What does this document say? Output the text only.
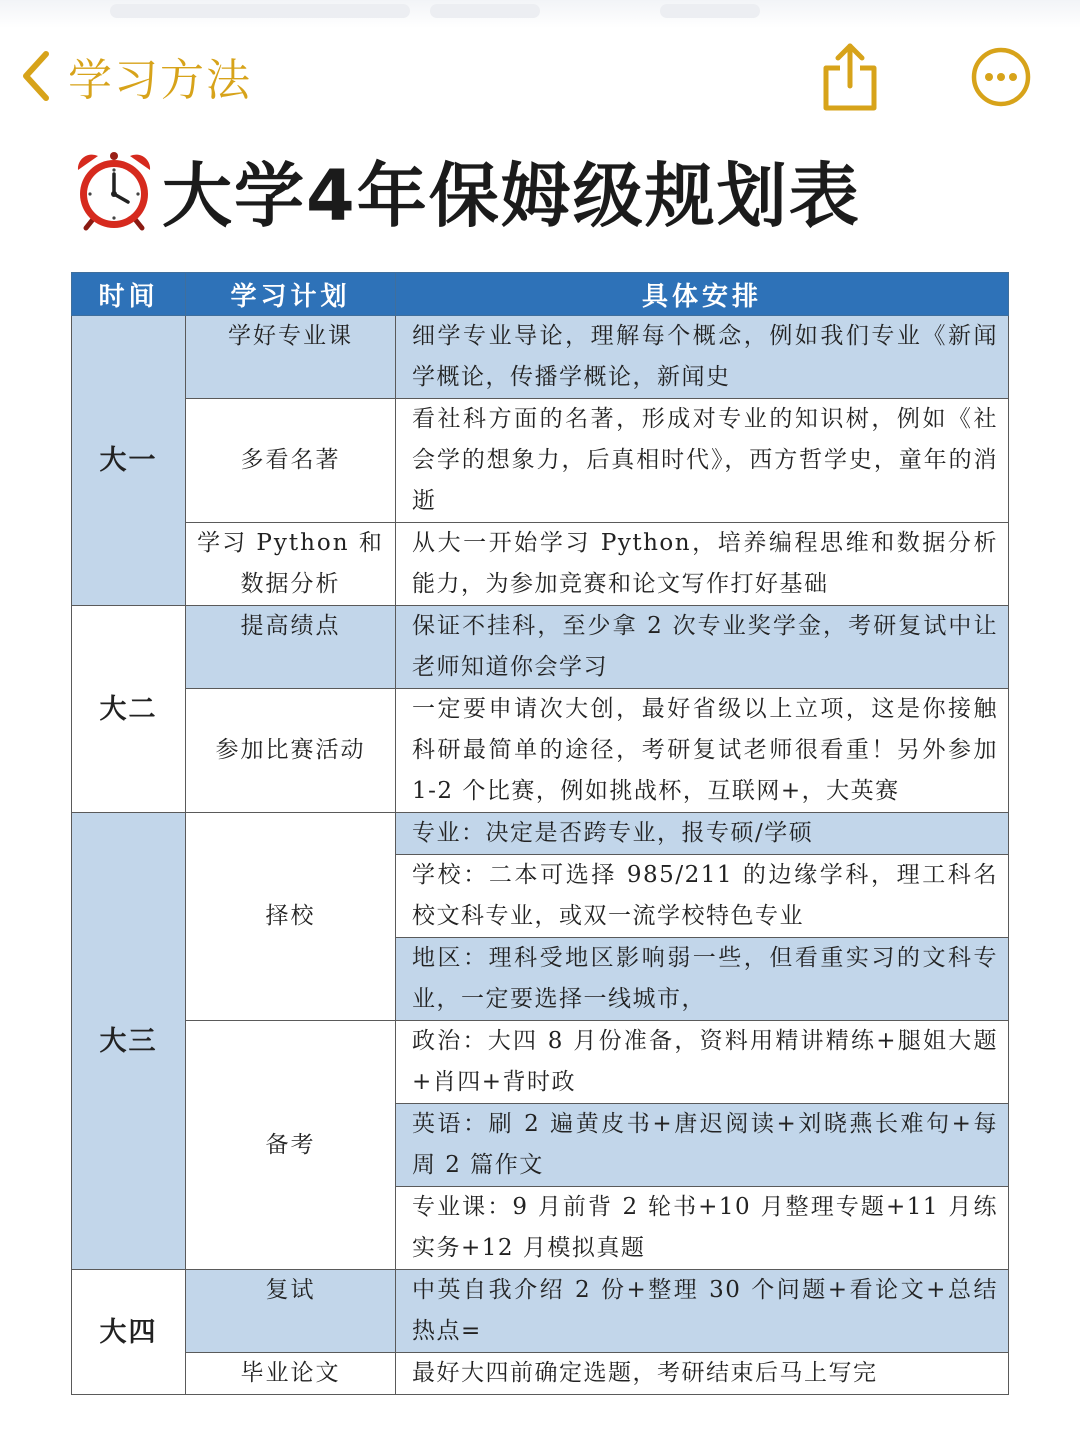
学习方法
大学4年保姆级规划表
时间	学习计划	具体安排
大一	学好专业课	细学专业导论，理解每个概念，例如我们专业《新闻学概论，传播学概论，新闻史
	多看名著	看社科方面的名著，形成对专业的知识树，例如《社会学的想象力，后真相时代》，西方哲学史，童年的消逝
	学习 Python 和数据分析	从大一开始学习 Python，培养编程思维和数据分析能力，为参加竞赛和论文写作打好基础
大二	提高绩点	保证不挂科，至少拿 2 次专业奖学金，考研复试中让老师知道你会学习
	参加比赛活动	一定要申请次大创，最好省级以上立项，这是你接触科研最简单的途径，考研复试老师很看重！另外参加 1-2 个比赛，例如挑战杯，互联网+，大英赛
大三	择校	专业：决定是否跨专业，报专硕/学硕
		学校：二本可选择 985/211 的边缘学科，理工科名校文科专业，或双一流学校特色专业
		地区：理科受地区影响弱一些，但看重实习的文科专业，一定要选择一线城市，
	备考	政治：大四 8 月份准备，资料用精讲精练+腿姐大题+肖四+背时政
		英语：刷 2 遍黄皮书+唐迟阅读+刘晓燕长难句+每周 2 篇作文
		专业课：9 月前背 2 轮书+10 月整理专题+11 月练实务+12 月模拟真题
大四	复试	中英自我介绍 2 份+整理 30 个问题+看论文+总结热点=
	毕业论文	最好大四前确定选题，考研结束后马上写完
